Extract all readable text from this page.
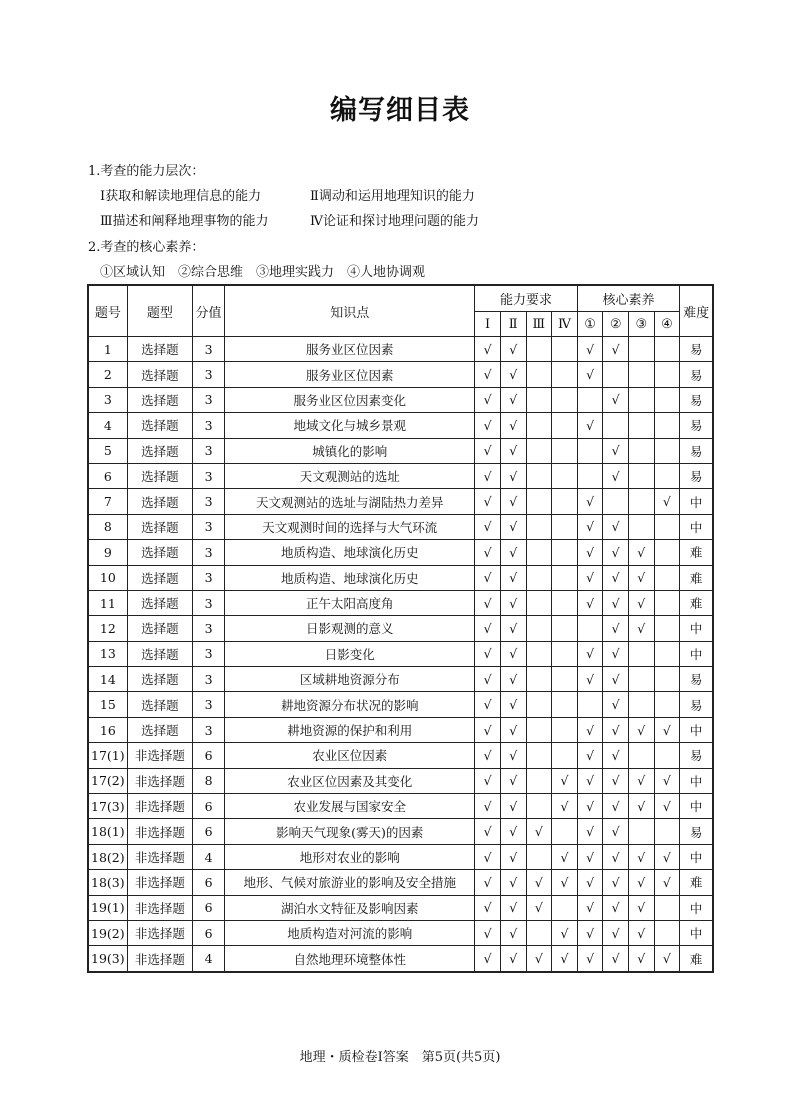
编写细目表
1.考查的能力层次：
Ⅰ获取和解读地理信息的能力	Ⅱ调动和运用地理知识的能力
Ⅲ描述和阐释地理事物的能力	Ⅳ论证和探讨地理问题的能力
2.考查的核心素养：
①区域认知　②综合思维　③地理实践力　④人地协调观
题号	题型	分值	知识点	能力要求				核心素养				难度
				Ⅰ	Ⅱ	Ⅲ	Ⅳ	①	②	③	④	
1	选择题	3	服务业区位因素	√	√			√	√			易
2	选择题	3	服务业区位因素	√	√			√				易
3	选择题	3	服务业区位因素变化	√	√				√			易
4	选择题	3	地域文化与城乡景观	√	√			√				易
5	选择题	3	城镇化的影响	√	√				√			易
6	选择题	3	天文观测站的选址	√	√				√			易
7	选择题	3	天文观测站的选址与湖陆热力差异	√	√			√			√	中
8	选择题	3	天文观测时间的选择与大气环流	√	√			√	√			中
9	选择题	3	地质构造、地球演化历史	√	√			√	√	√		难
10	选择题	3	地质构造、地球演化历史	√	√			√	√	√		难
11	选择题	3	正午太阳高度角	√	√			√	√	√		难
12	选择题	3	日影观测的意义	√	√				√	√		中
13	选择题	3	日影变化	√	√			√	√			中
14	选择题	3	区域耕地资源分布	√	√			√	√			易
15	选择题	3	耕地资源分布状况的影响	√	√				√			易
16	选择题	3	耕地资源的保护和利用	√	√			√	√	√	√	中
17(1)	非选择题	6	农业区位因素	√	√			√	√			易
17(2)	非选择题	8	农业区位因素及其变化	√	√		√	√	√	√	√	中
17(3)	非选择题	6	农业发展与国家安全	√	√		√	√	√	√	√	中
18(1)	非选择题	6	影响天气现象(雾天)的因素	√	√	√		√	√			易
18(2)	非选择题	4	地形对农业的影响	√	√		√	√	√	√	√	中
18(3)	非选择题	6	地形、气候对旅游业的影响及安全措施	√	√	√	√	√	√	√	√	难
19(1)	非选择题	6	湖泊水文特征及影响因素	√	√	√		√	√	√		中
19(2)	非选择题	6	地质构造对河流的影响	√	√		√	√	√	√		中
19(3)	非选择题	4	自然地理环境整体性	√	√	√	√	√	√	√	√	难
地理・质检卷Ⅰ答案　第5页(共5页)
